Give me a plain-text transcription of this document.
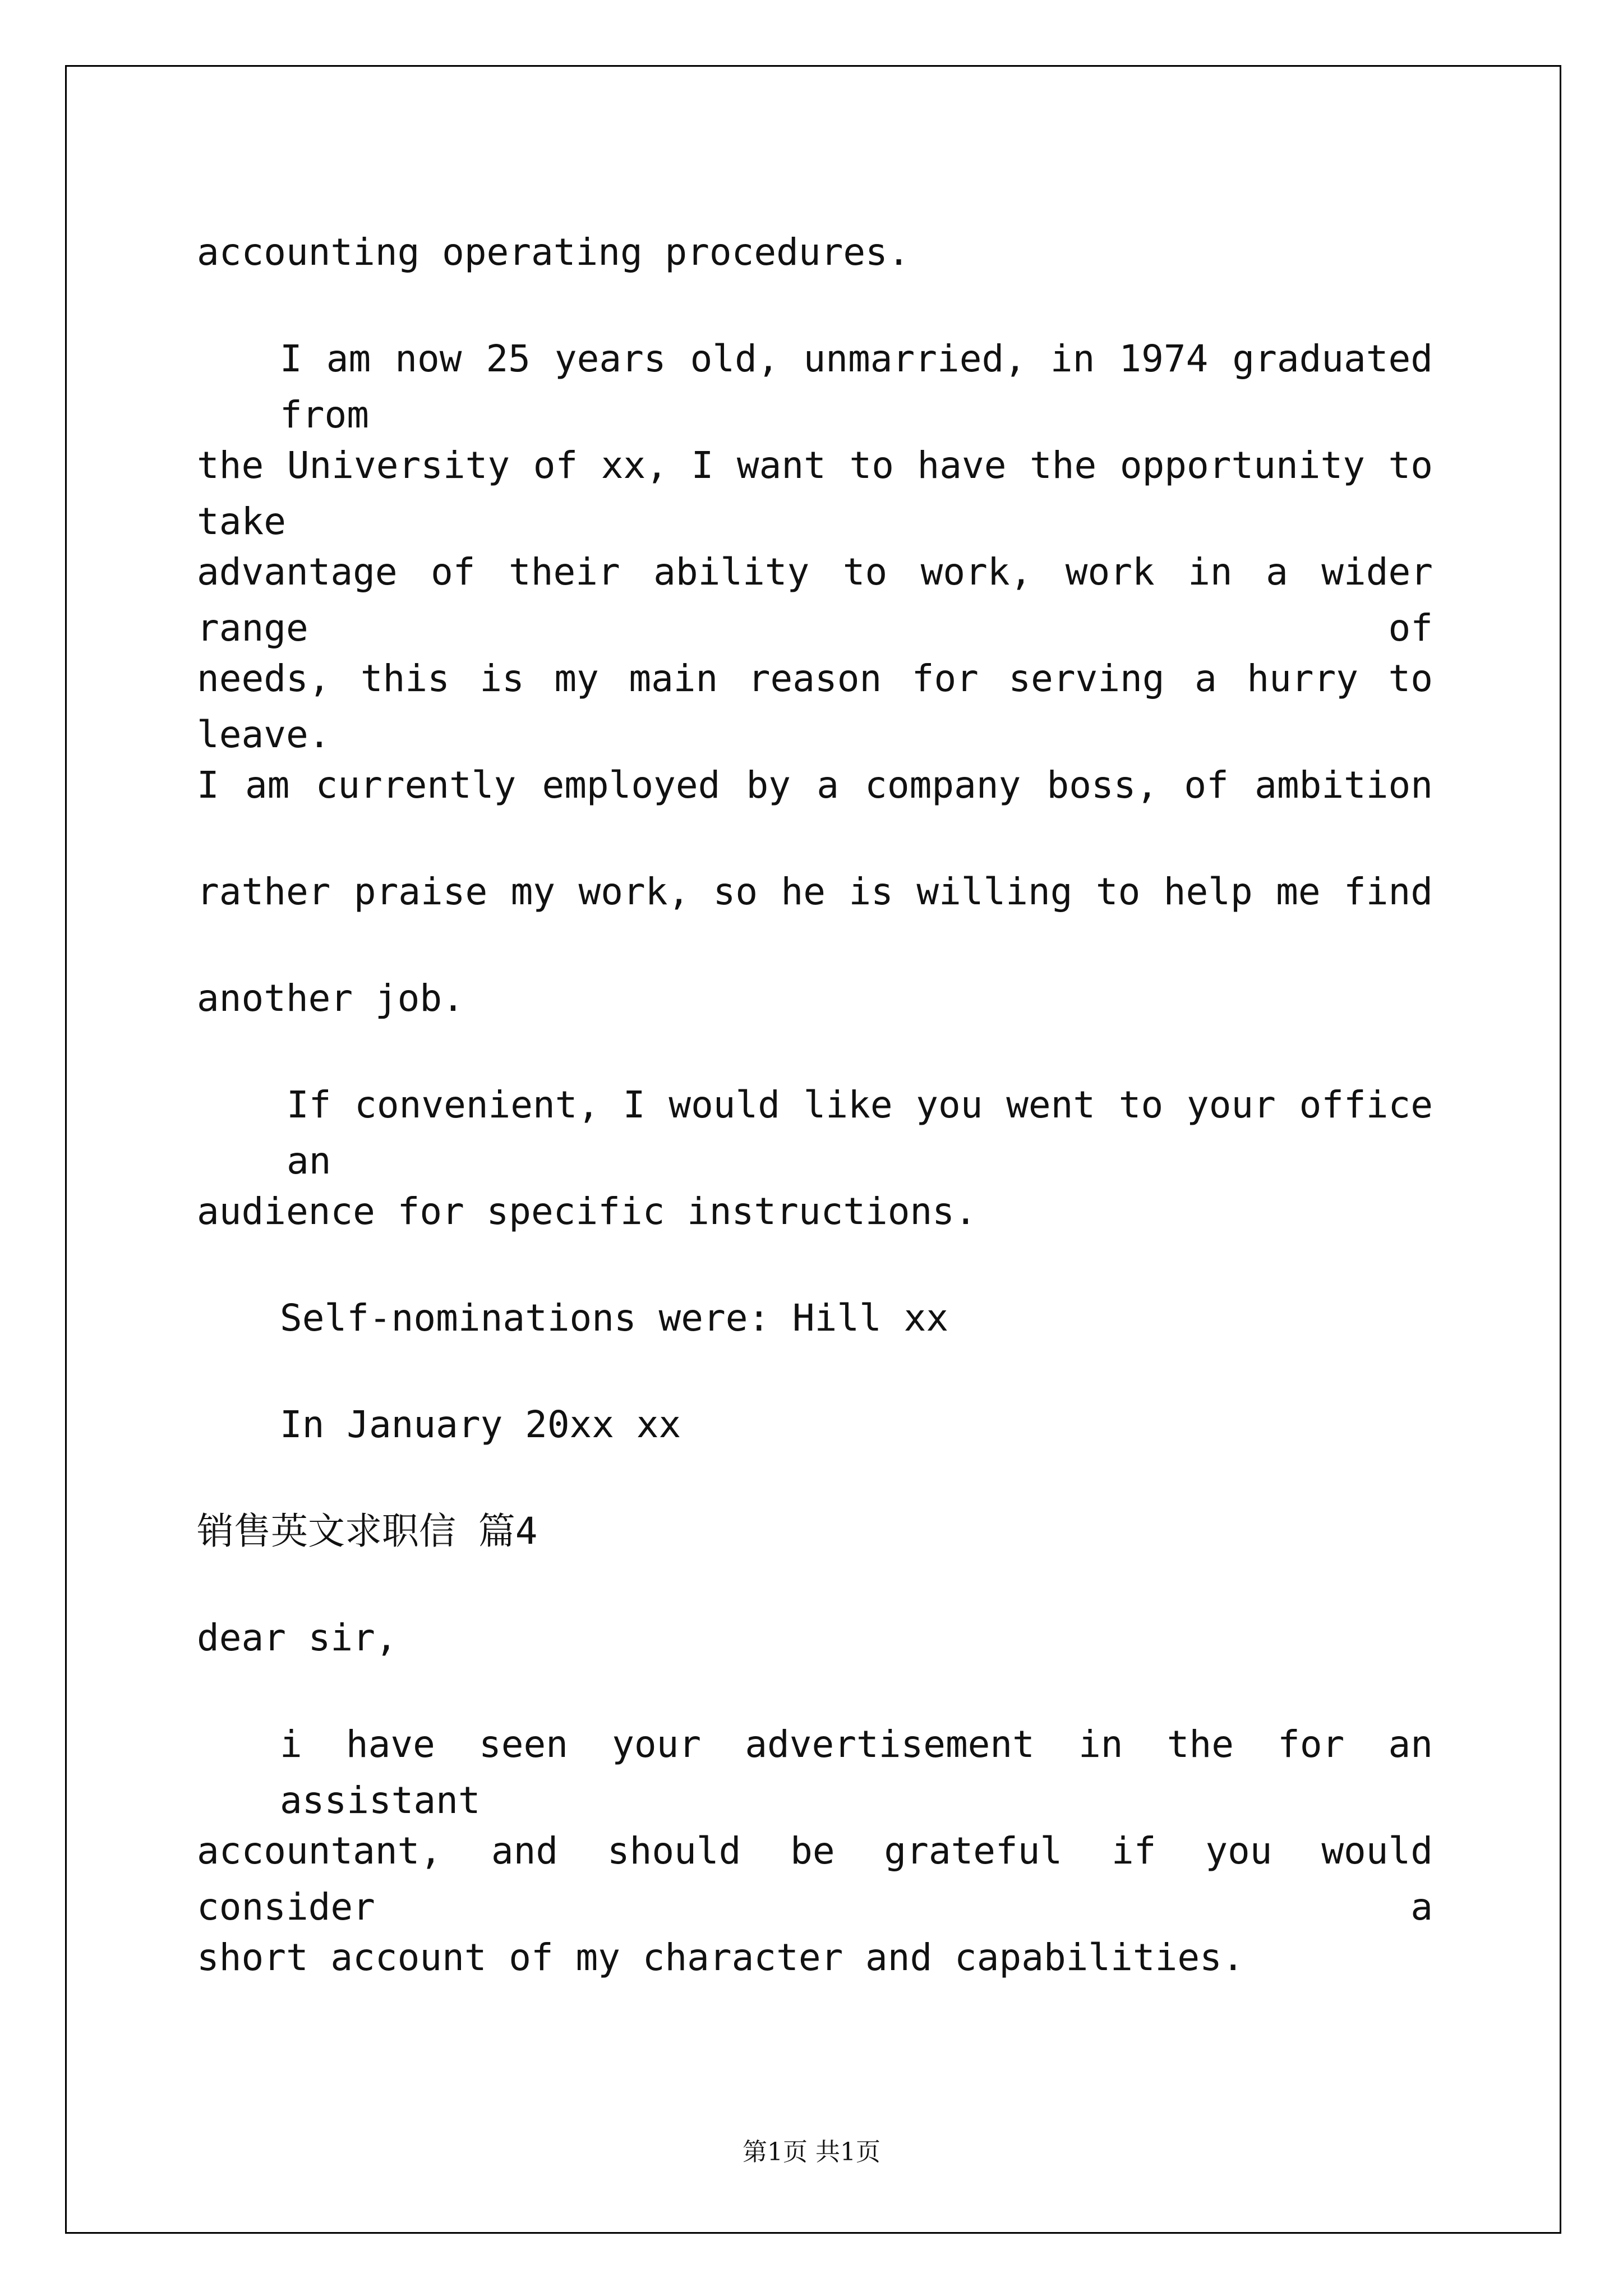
accounting operating procedures.
I am now 25 years old, unmarried, in 1974 graduated from
the University of xx, I want to have the opportunity to take
advantage of their ability to work, work in a wider range of
needs, this is my main reason for serving a hurry to leave.
I am currently employed by a company boss, of ambition
rather praise my work, so he is willing to help me find
another job.
If convenient, I would like you went to your office an
audience for specific instructions.
Self-nominations were: Hill xx
In January 20xx xx
销售英文求职信 篇4
dear sir,
i have seen your advertisement in the for an assistant
accountant, and should be grateful if you would consider a
short account of my character and capabilities.
第1页 共1页
